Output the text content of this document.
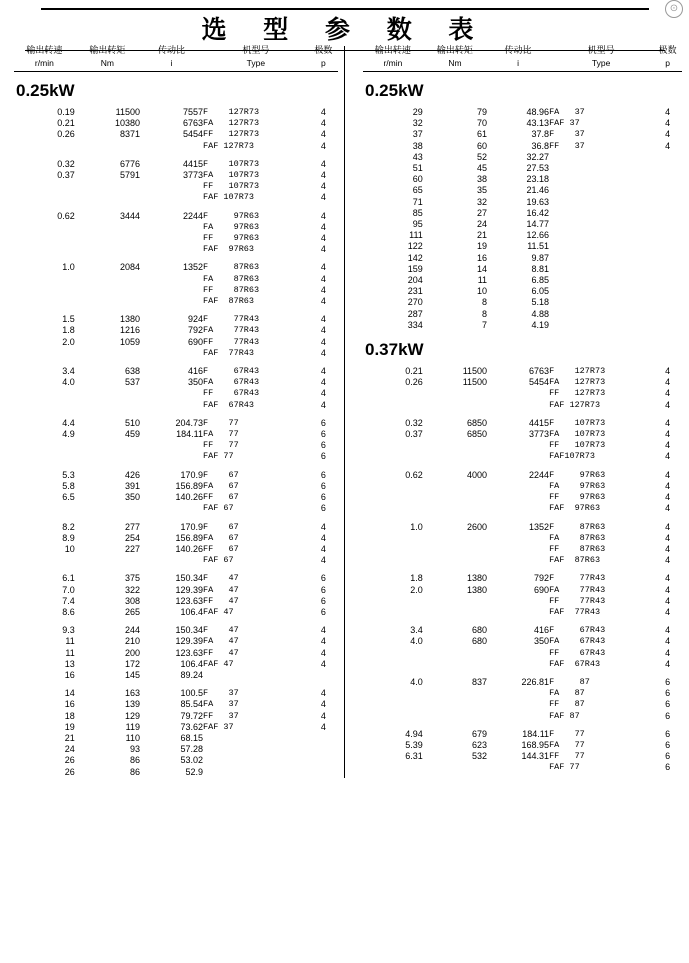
⊙
选 型 参 数 表
输出转速	输出转矩	传动比	机型号	极数
r/min	Nm	i	Type	p
0.25kW
0.19	11500	7557	F    127R73	4
0.21	10380	6763	FA   127R73	4
0.26	8371	5454	FF   127R73	4
			FAF 127R73	4

0.32	6776	4415	F    107R73	4
0.37	5791	3773	FA   107R73	4
			FF   107R73	4
			FAF 107R73	4

0.62	3444	2244	F     97R63	4
			FA    97R63	4
			FF    97R63	4
			FAF  97R63	4

1.0	2084	1352	F     87R63	4
			FA    87R63	4
			FF    87R63	4
			FAF  87R63	4

1.5	1380	924	F     77R43	4
1.8	1216	792	FA    77R43	4
2.0	1059	690	FF    77R43	4
			FAF  77R43	4

3.4	638	416	F     67R43	4
4.0	537	350	FA    67R43	4
			FF    67R43	4
			FAF  67R43	4

4.4	510	204.73	F    77	6
4.9	459	184.11	FA   77	6
			FF   77	6
			FAF 77	6

5.3	426	170.9	F    67	6
5.8	391	156.89	FA   67	6
6.5	350	140.26	FF   67	6
			FAF 67	6

8.2	277	170.9	F    67	4
8.9	254	156.89	FA   67	4
10	227	140.26	FF   67	4
			FAF 67	4

6.1	375	150.34	F    47	6
7.0	322	129.39	FA   47	6
7.4	308	123.63	FF   47	6
8.6	265	106.4	FAF 47	6

9.3	244	150.34	F    47	4
11	210	129.39	FA   47	4
11	200	123.63	FF   47	4
13	172	106.4	FAF 47	4
16	145	89.24		

14	163	100.5	F    37	4
16	139	85.54	FA   37	4
18	129	79.72	FF   37	4
19	119	73.62	FAF 37	4
21	110	68.15		
24	93	57.28		
26	86	53.02		
26	86	52.9		
输出转速	输出转矩	传动比	机型号	极数
r/min	Nm	i	Type	p
0.25kW
29	79	48.96	FA   37	4
32	70	43.13	FAF 37	4
37	61	37.8	F    37	4
38	60	36.8	FF   37	4
43	52	32.27		
51	45	27.53		
60	38	23.18		
65	35	21.46		
71	32	19.63		
85	27	16.42		
95	24	14.77		
111	21	12.66		
122	19	11.51		
142	16	9.87		
159	14	8.81		
204	11	6.85		
231	10	6.05		
270	8	5.18		
287	8	4.88		
334	7	4.19		
0.37kW
0.21	11500	6763	F    127R73	4
0.26	11500	5454	FA   127R73	4
			FF   127R73	4
			FAF 127R73	4

0.32	6850	4415	F    107R73	4
0.37	6850	3773	FA   107R73	4
			FF   107R73	4
			FAF107R73	4

0.62	4000	2244	F     97R63	4
			FA    97R63	4
			FF    97R63	4
			FAF  97R63	4

1.0	2600	1352	F     87R63	4
			FA    87R63	4
			FF    87R63	4
			FAF  87R63	4

1.8	1380	792	F     77R43	4
2.0	1380	690	FA    77R43	4
			FF    77R43	4
			FAF  77R43	4

3.4	680	416	F     67R43	4
4.0	680	350	FA    67R43	4
			FF    67R43	4
			FAF  67R43	4

4.0	837	226.81	F     87	6
			FA   87	6
			FF   87	6
			FAF 87	6

4.94	679	184.11	F    77	6
5.39	623	168.95	FA   77	6
6.31	532	144.31	FF   77	6
			FAF 77	6
